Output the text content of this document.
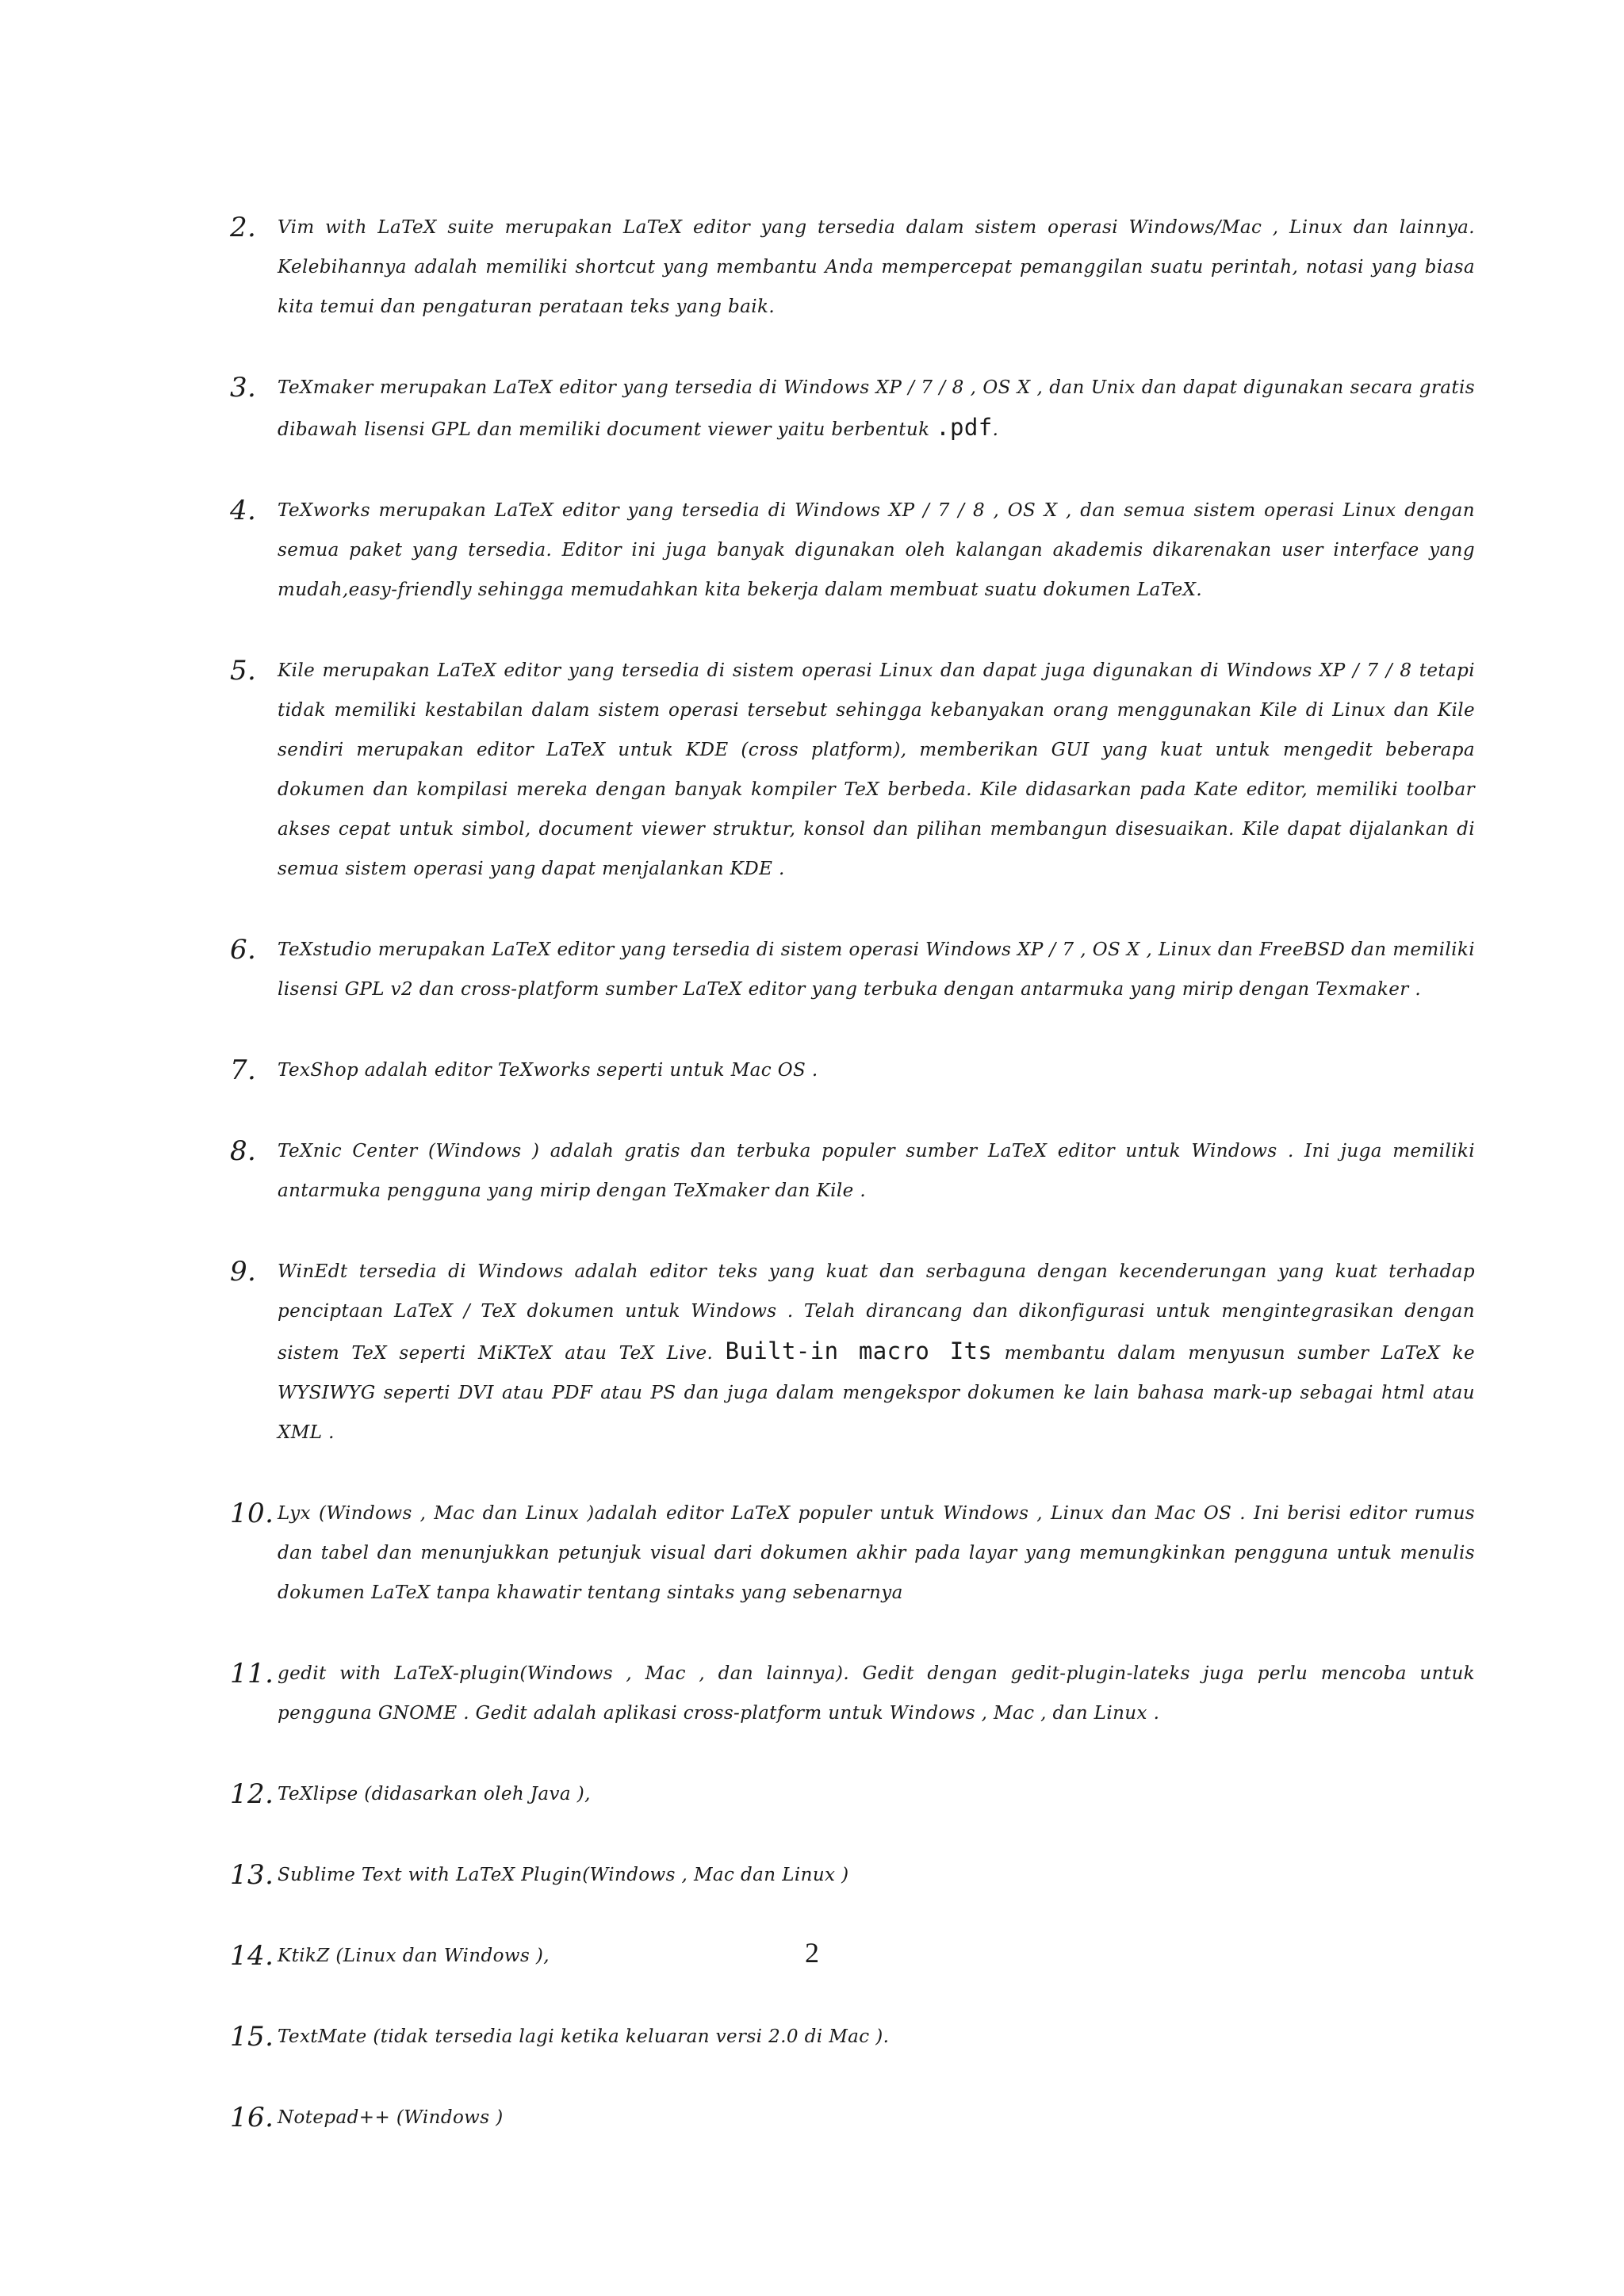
2. Vim with LaTeX suite merupakan LaTeX editor yang tersedia dalam sistem operasi Windows/Mac , Linux dan lainnya. Kelebihannya adalah memiliki shortcut yang membantu Anda mempercepat pemanggilan suatu perintah, notasi yang biasa kita temui dan pengaturan perataan teks yang baik.
3. TeXmaker merupakan LaTeX editor yang tersedia di Windows XP / 7 / 8 , OS X , dan Unix dan dapat digunakan secara gratis dibawah lisensi GPL dan memiliki document viewer yaitu berbentuk .pdf.
4. TeXworks merupakan LaTeX editor yang tersedia di Windows XP / 7 / 8 , OS X , dan semua sistem operasi Linux dengan semua paket yang tersedia. Editor ini juga banyak digunakan oleh kalangan akademis dikarenakan user interface yang mudah,easy-friendly sehingga memudahkan kita bekerja dalam membuat suatu dokumen LaTeX.
5. Kile merupakan LaTeX editor yang tersedia di sistem operasi Linux dan dapat juga digunakan di Windows XP / 7 / 8 tetapi tidak memiliki kestabilan dalam sistem operasi tersebut sehingga kebanyakan orang menggunakan Kile di Linux dan Kile sendiri merupakan editor LaTeX untuk KDE (cross platform), memberikan GUI yang kuat untuk mengedit beberapa dokumen dan kompilasi mereka dengan banyak kompiler TeX berbeda. Kile didasarkan pada Kate editor, memiliki toolbar akses cepat untuk simbol, document viewer struktur, konsol dan pilihan membangun disesuaikan. Kile dapat dijalankan di semua sistem operasi yang dapat menjalankan KDE .
6. TeXstudio merupakan LaTeX editor yang tersedia di sistem operasi Windows XP / 7 , OS X , Linux dan FreeBSD dan memiliki lisensi GPL v2 dan cross-platform sumber LaTeX editor yang terbuka dengan antarmuka yang mirip dengan Texmaker .
7. TexShop adalah editor TeXworks seperti untuk Mac OS .
8. TeXnic Center (Windows ) adalah gratis dan terbuka populer sumber LaTeX editor untuk Windows . Ini juga memiliki antarmuka pengguna yang mirip dengan TeXmaker dan Kile .
9. WinEdt tersedia di Windows adalah editor teks yang kuat dan serbaguna dengan kecenderungan yang kuat terhadap penciptaan LaTeX / TeX dokumen untuk Windows . Telah dirancang dan dikonfigurasi untuk mengintegrasikan dengan sistem TeX seperti MiKTeX atau TeX Live. Built-in macro Its membantu dalam menyusun sumber LaTeX ke WYSIWYG seperti DVI atau PDF atau PS dan juga dalam mengekspor dokumen ke lain bahasa mark-up sebagai html atau XML .
10. Lyx (Windows , Mac dan Linux )adalah editor LaTeX populer untuk Windows , Linux dan Mac OS . Ini berisi editor rumus dan tabel dan menunjukkan petunjuk visual dari dokumen akhir pada layar yang memungkinkan pengguna untuk menulis dokumen LaTeX tanpa khawatir tentang sintaks yang sebenarnya
11. gedit with LaTeX-plugin(Windows , Mac , dan lainnya). Gedit dengan gedit-plugin-lateks juga perlu mencoba untuk pengguna GNOME . Gedit adalah aplikasi cross-platform untuk Windows , Mac , dan Linux .
12. TeXlipse (didasarkan oleh Java ),
13. Sublime Text with LaTeX Plugin(Windows , Mac dan Linux )
14. KtikZ (Linux dan Windows ),
15. TextMate (tidak tersedia lagi ketika keluaran versi 2.0 di Mac ).
16. Notepad++ (Windows )
2
